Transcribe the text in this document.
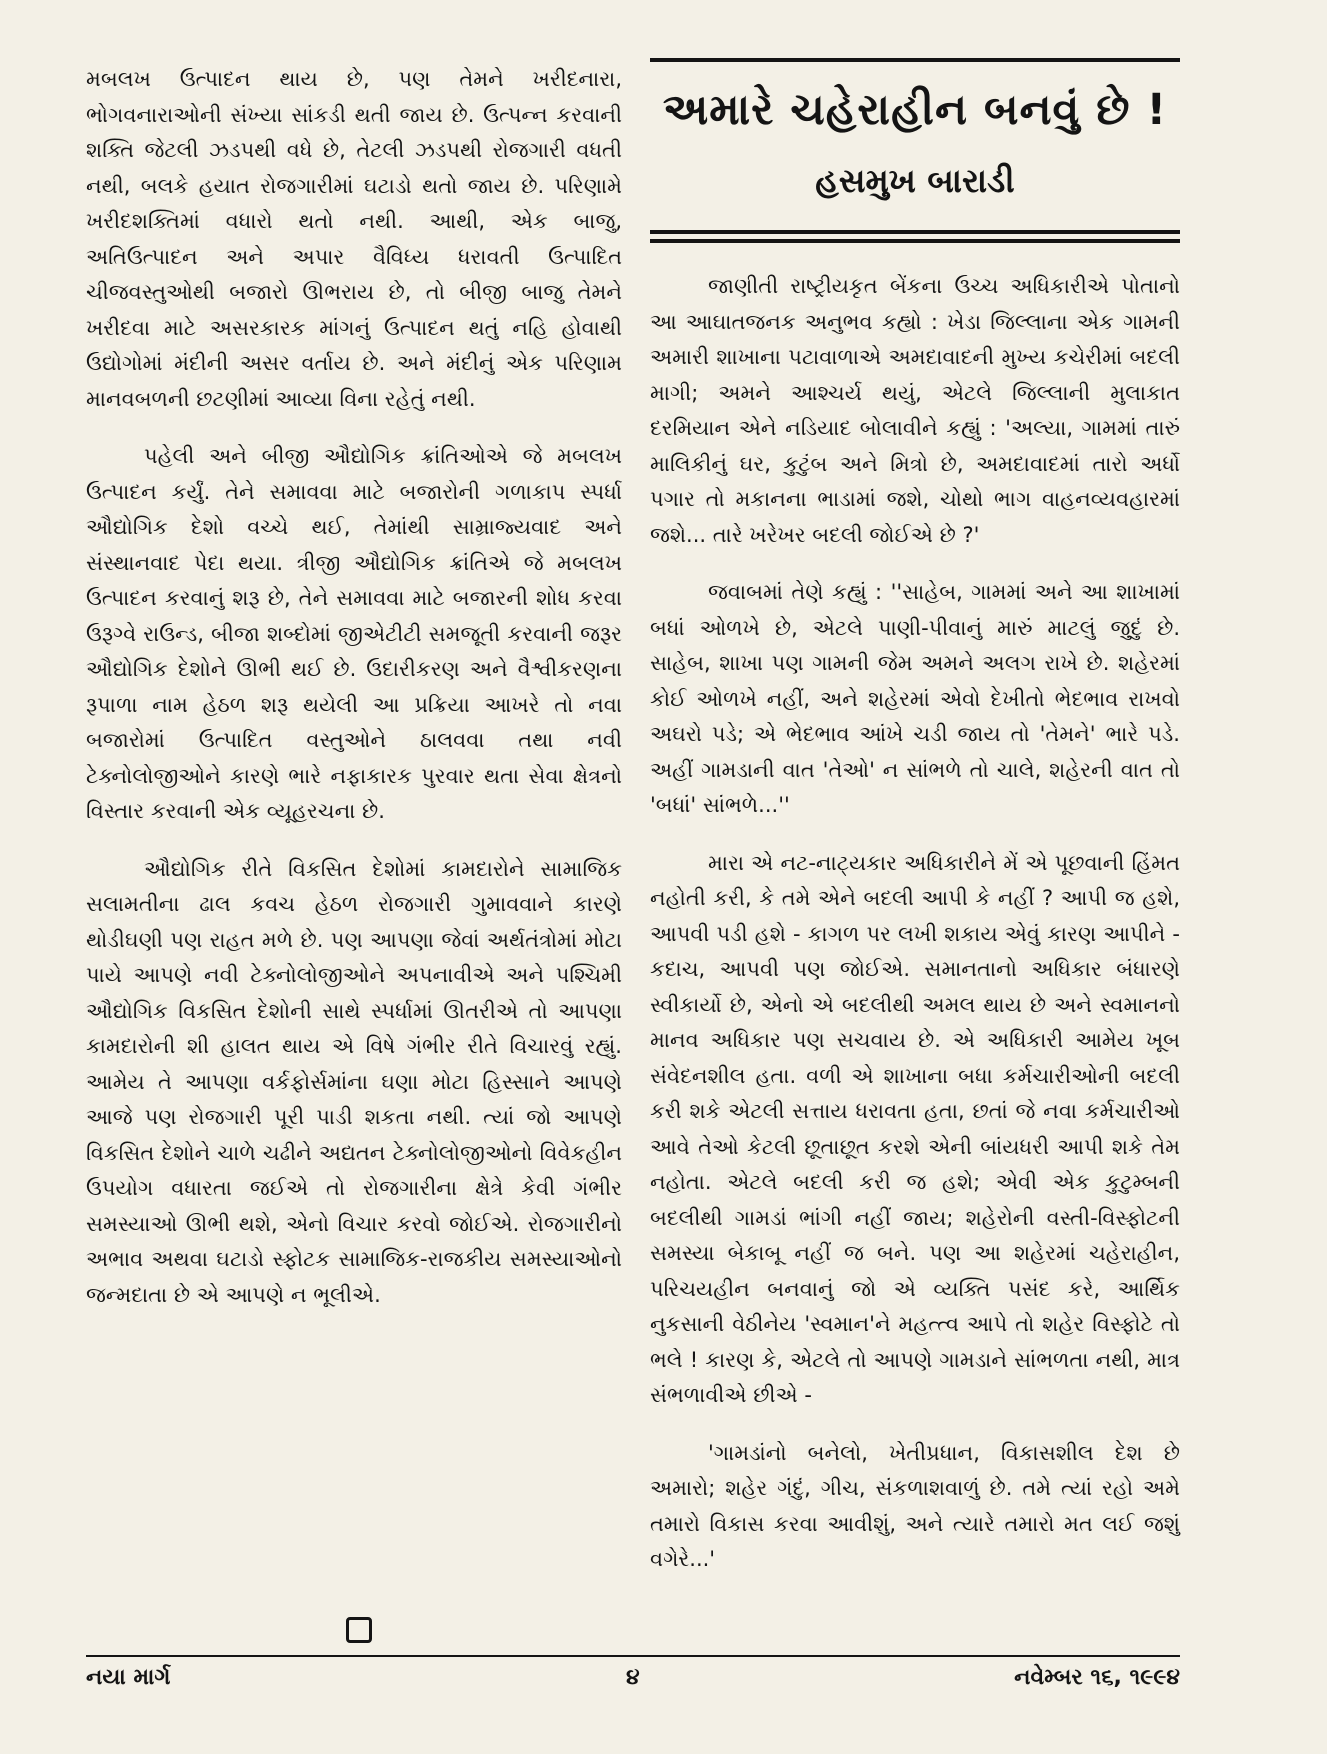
મબલખ ઉત્પાદન થાય છે, પણ તેમને ખરીદનારા, ભોગવનારાઓની સંખ્યા સાંકડી થતી જાય છે. ઉત્પન્ન કરવાની શક્તિ જેટલી ઝડપથી વધે છે, તેટલી ઝડપથી રોજગારી વધતી નથી, બલકે હયાત રોજગારીમાં ઘટાડો થતો જાય છે. પરિણામે ખરીદશક્તિમાં વધારો થતો નથી. આથી, એક બાજુ, અતિઉત્પાદન અને અપાર વૈવિધ્ય ધરાવતી ઉત્પાદિત ચીજવસ્તુઓથી બજારો ઊભરાય છે, તો બીજી બાજુ તેમને ખરીદવા માટે અસરકારક માંગનું ઉત્પાદન થતું નહિ હોવાથી ઉદ્યોગોમાં મંદીની અસર વર્તાય છે. અને મંદીનું એક પરિણામ માનવબળની છટણીમાં આવ્યા વિના રહેતું નથી.

પહેલી અને બીજી ઔદ્યોગિક ક્રાંતિઓએ જે મબલખ ઉત્પાદન કર્યું. તેને સમાવવા માટે બજારોની ગળાકાપ સ્પર્ધા ઔદ્યોગિક દેશો વચ્ચે થઈ, તેમાંથી સામ્રાજ્યવાદ અને સંસ્થાનવાદ પેદા થયા. ત્રીજી ઔદ્યોગિક ક્રાંતિએ જે મબલખ ઉત્પાદન કરવાનું શરૂ છે, તેને સમાવવા માટે બજારની શોધ કરવા ઉરૂગ્વે રાઉન્ડ, બીજા શબ્દોમાં જીએટીટી સમજૂતી કરવાની જરૂર ઔદ્યોગિક દેશોને ઊભી થઈ છે. ઉદારીકરણ અને વૈશ્વીકરણના રૂપાળા નામ હેઠળ શરૂ થયેલી આ પ્રક્રિયા આખરે તો નવા બજારોમાં ઉત્પાદિત વસ્તુઓને ઠાલવવા તથા નવી ટેક્નોલોજીઓને કારણે ભારે નફાકારક પુરવાર થતા સેવા ક્ષેત્રનો વિસ્તાર કરવાની એક વ્યૂહરચના છે.

ઔદ્યોગિક રીતે વિકસિત દેશોમાં કામદારોને સામાજિક સલામતીના ઢાલ કવચ હેઠળ રોજગારી ગુમાવવાને કારણે થોડીઘણી પણ રાહત મળે છે. પણ આપણા જેવાં અર્થતંત્રોમાં મોટા પાયે આપણે નવી ટેક્નોલોજીઓને અપનાવીએ અને પશ્ચિમી ઔદ્યોગિક વિકસિત દેશોની સાથે સ્પર્ધામાં ઊતરીએ તો આપણા કામદારોની શી હાલત થાય એ વિષે ગંભીર રીતે વિચારવું રહ્યું. આમેય તે આપણા વર્કફોર્સમાંના ઘણા મોટા હિસ્સાને આપણે આજે પણ રોજગારી પૂરી પાડી શકતા નથી. ત્યાં જો આપણે વિકસિત દેશોને ચાળે ચઢીને અદ્યતન ટેક્નોલોજીઓનો વિવેકહીન ઉપયોગ વધારતા જઈએ તો રોજગારીના ક્ષેત્રે કેવી ગંભીર સમસ્યાઓ ઊભી થશે, એનો વિચાર કરવો જોઈએ. રોજગારીનો અભાવ અથવા ઘટાડો સ્ફોટક સામાજિક-રાજકીય સમસ્યાઓનો જન્મદાતા છે એ આપણે ન ભૂલીએ.

અમારે ચહેરાહીન બનવું છે !
હસમુખ બારાડી

જાણીતી રાષ્ટ્રીયકૃત બેંકના ઉચ્ચ અધિકારીએ પોતાનો આ આઘાતજનક અનુભવ કહ્યો : ખેડા જિલ્લાના એક ગામની અમારી શાખાના પટાવાળાએ અમદાવાદની મુખ્ય કચેરીમાં બદલી માગી; અમને આશ્ચર્ય થયું, એટલે જિલ્લાની મુલાકાત દરમિયાન એને નડિયાદ બોલાવીને કહ્યું : 'અલ્યા, ગામમાં તારું માલિકીનું ઘર, કુટુંબ અને મિત્રો છે, અમદાવાદમાં તારો અર્ધો પગાર તો મકાનના ભાડામાં જશે, ચોથો ભાગ વાહનવ્યવહારમાં જશે... તારે ખરેખર બદલી જોઈએ છે ?'

જવાબમાં તેણે કહ્યું : ''સાહેબ, ગામમાં અને આ શાખામાં બધાં ઓળખે છે, એટલે પાણી-પીવાનું મારું માટલું જુદું છે. સાહેબ, શાખા પણ ગામની જેમ અમને અલગ રાખે છે. શહેરમાં કોઈ ઓળખે નહીં, અને શહેરમાં એવો દેખીતો ભેદભાવ રાખવો અઘરો પડે; એ ભેદભાવ આંખે ચડી જાય તો 'તેમને' ભારે પડે. અહીં ગામડાની વાત 'તેઓ' ન સાંભળે તો ચાલે, શહેરની વાત તો 'બધાં' સાંભળે...''

મારા એ નટ-નાટ્યકાર અધિકારીને મેં એ પૂછવાની હિંમત નહોતી કરી, કે તમે એને બદલી આપી કે નહીં ? આપી જ હશે, આપવી પડી હશે - કાગળ પર લખી શકાય એવું કારણ આપીને - કદાચ, આપવી પણ જોઈએ. સમાનતાનો અધિકાર બંધારણે સ્વીકાર્યો છે, એનો એ બદલીથી અમલ થાય છે અને સ્વમાનનો માનવ અધિકાર પણ સચવાય છે. એ અધિકારી આમેય ખૂબ સંવેદનશીલ હતા. વળી એ શાખાના બધા કર્મચારીઓની બદલી કરી શકે એટલી સત્તાય ધરાવતા હતા, છતાં જે નવા કર્મચારીઓ આવે તેઓ કેટલી છૂતાછૂત કરશે એની બાંયધરી આપી શકે તેમ નહોતા. એટલે બદલી કરી જ હશે; એવી એક કુટુમ્બની બદલીથી ગામડાં ભાંગી નહીં જાય; શહેરોની વસ્તી-વિસ્ફોટની સમસ્યા બેકાબૂ નહીં જ બને. પણ આ શહેરમાં ચહેરાહીન, પરિચયહીન બનવાનું જો એ વ્યક્તિ પસંદ કરે, આર્થિક નુકસાની વેઠીનેય 'સ્વમાન'ને મહત્ત્વ આપે તો શહેર વિસ્ફોટે તો ભલે ! કારણ કે, એટલે તો આપણે ગામડાને સાંભળતા નથી, માત્ર સંભળાવીએ છીએ -

'ગામડાંનો બનેલો, ખેતીપ્રધાન, વિકાસશીલ દેશ છે અમારો; શહેર ગંદું, ગીચ, સંકળાશવાળું છે. તમે ત્યાં રહો અમે તમારો વિકાસ કરવા આવીશું, અને ત્યારે તમારો મત લઈ જશું વગેરે...'

નયા માર્ગ	૪	નવેમ્બર ૧૬, ૧૯૯૪
